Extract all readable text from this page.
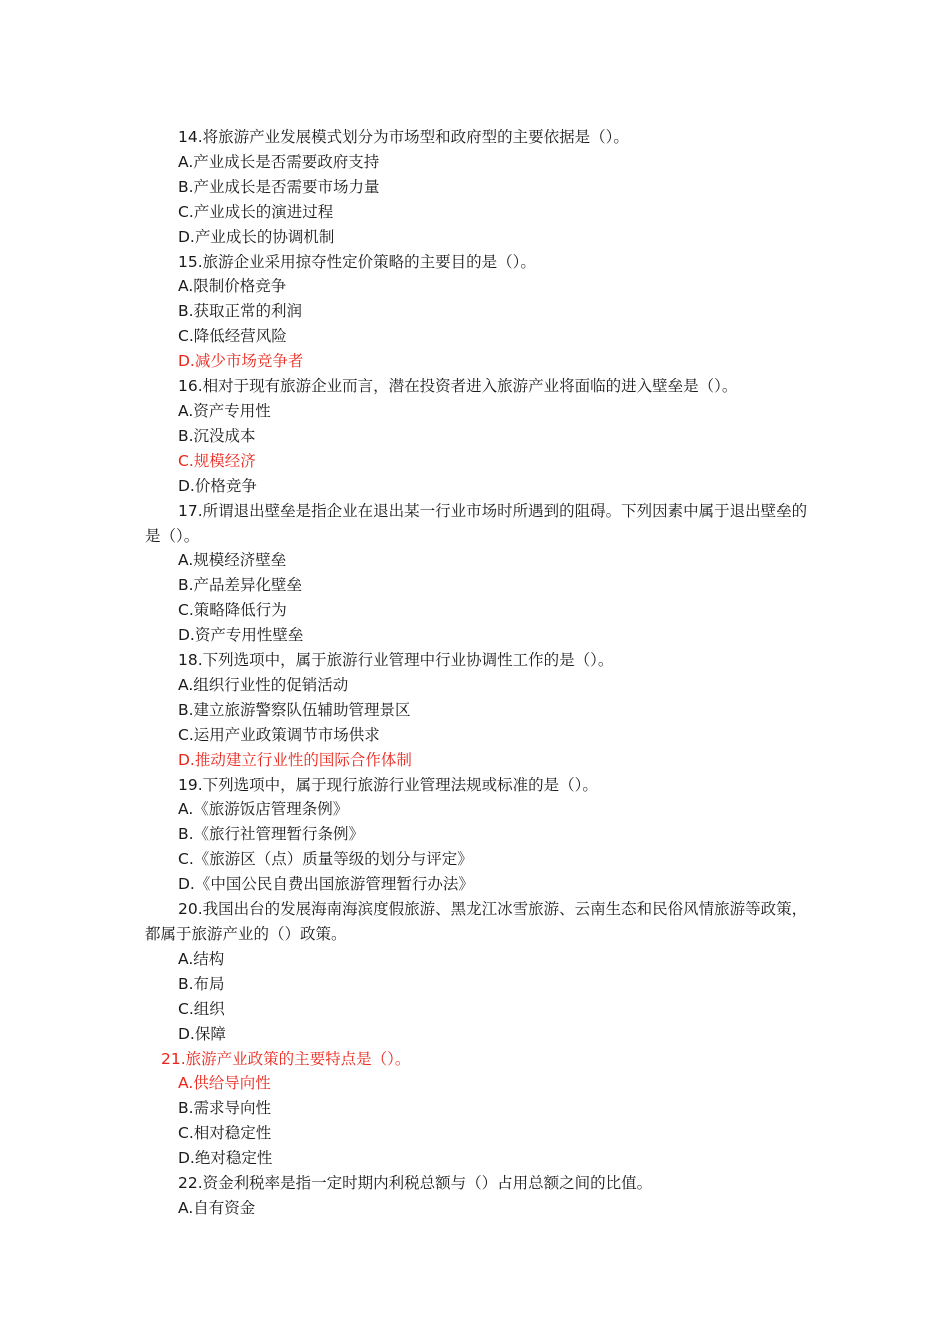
14.将旅游产业发展模式划分为市场型和政府型的主要依据是（）。
A.产业成长是否需要政府支持
B.产业成长是否需要市场力量
C.产业成长的演进过程
D.产业成长的协调机制
15.旅游企业采用掠夺性定价策略的主要目的是（）。
A.限制价格竞争
B.获取正常的利润
C.降低经营风险
D.减少市场竞争者
16.相对于现有旅游企业而言，潜在投资者进入旅游产业将面临的进入壁垒是（）。
A.资产专用性
B.沉没成本
C.规模经济
D.价格竞争
17.所谓退出壁垒是指企业在退出某一行业市场时所遇到的阻碍。下列因素中属于退出壁垒的是（）。
A.规模经济壁垒
B.产品差异化壁垒
C.策略降低行为
D.资产专用性壁垒
18.下列选项中，属于旅游行业管理中行业协调性工作的是（）。
A.组织行业性的促销活动
B.建立旅游警察队伍辅助管理景区
C.运用产业政策调节市场供求
D.推动建立行业性的国际合作体制
19.下列选项中，属于现行旅游行业管理法规或标准的是（）。
A.《旅游饭店管理条例》
B.《旅行社管理暂行条例》
C.《旅游区（点）质量等级的划分与评定》
D.《中国公民自费出国旅游管理暂行办法》
20.我国出台的发展海南海滨度假旅游、黑龙江冰雪旅游、云南生态和民俗风情旅游等政策，都属于旅游产业的（）政策。
A.结构
B.布局
C.组织
D.保障
21.旅游产业政策的主要特点是（）。
A.供给导向性
B.需求导向性
C.相对稳定性
D.绝对稳定性
22.资金利税率是指一定时期内利税总额与（）占用总额之间的比值。
A.自有资金
